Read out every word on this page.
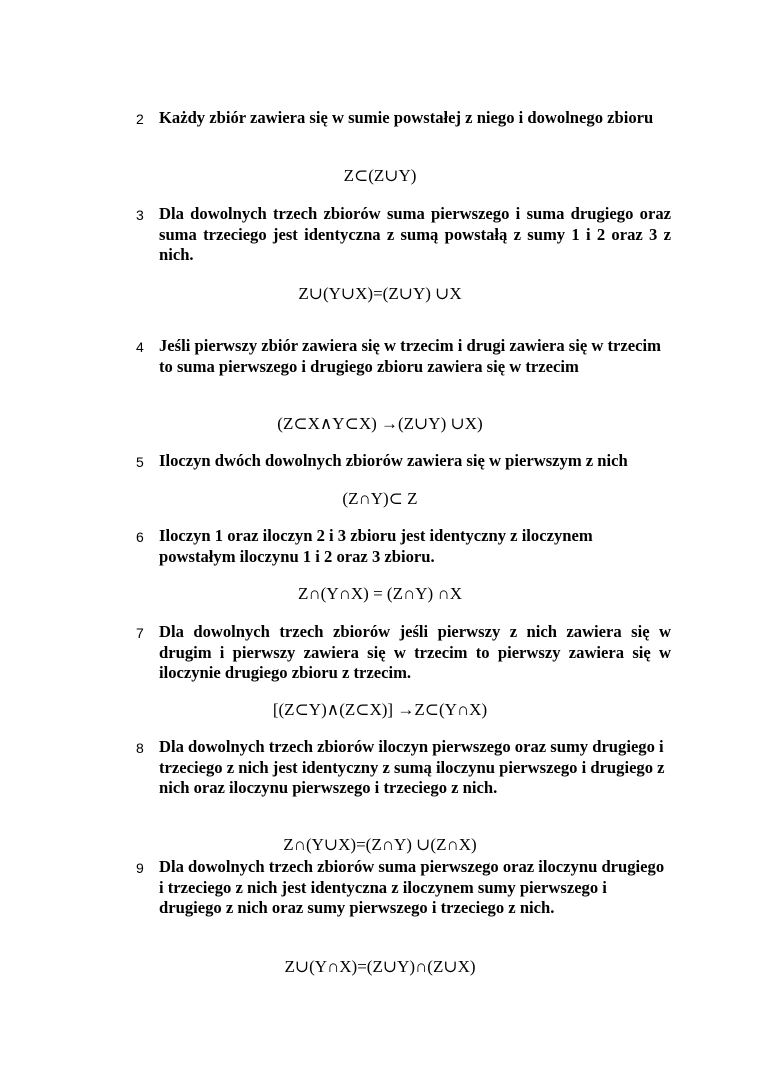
2 Każdy zbiór zawiera się w sumie powstałej z niego i dowolnego zbioru
Z⊂(Z∪Y)
3 Dla dowolnych trzech zbiorów suma pierwszego i suma drugiego oraz suma trzeciego jest identyczna z sumą powstałą z sumy 1 i 2 oraz 3 z nich.
Z∪(Y∪X)=(Z∪Y) ∪X
4 Jeśli pierwszy zbiór zawiera się w trzecim i drugi zawiera się w trzecim to suma pierwszego i drugiego zbioru zawiera się w trzecim
(Z⊂X∧Y⊂X) →(Z∪Y) ∪X)
5 Iloczyn dwóch dowolnych zbiorów zawiera się w pierwszym z nich
(Z∩Y)⊂ Z
6 Iloczyn 1 oraz iloczyn 2 i 3 zbioru jest identyczny z iloczynem powstałym iloczynu 1 i 2 oraz 3 zbioru.
Z∩(Y∩X) = (Z∩Y) ∩X
7 Dla dowolnych trzech zbiorów jeśli pierwszy z nich zawiera się w drugim i pierwszy zawiera się w trzecim to pierwszy zawiera się w iloczynie drugiego zbioru z trzecim.
[(Z⊂Y)∧(Z⊂X)] →Z⊂(Y∩X)
8 Dla dowolnych trzech zbiorów iloczyn pierwszego oraz sumy drugiego i trzeciego z nich jest identyczny z sumą iloczynu pierwszego i drugiego z nich oraz iloczynu pierwszego i trzeciego z nich.
Z∩(Y∪X)=(Z∩Y) ∪(Z∩X)
9 Dla dowolnych trzech zbiorów suma pierwszego oraz iloczynu drugiego i trzeciego z nich jest identyczna z iloczynem sumy pierwszego i drugiego z nich oraz sumy pierwszego i trzeciego z nich.
Z∪(Y∩X)=(Z∪Y)∩(Z∪X)
